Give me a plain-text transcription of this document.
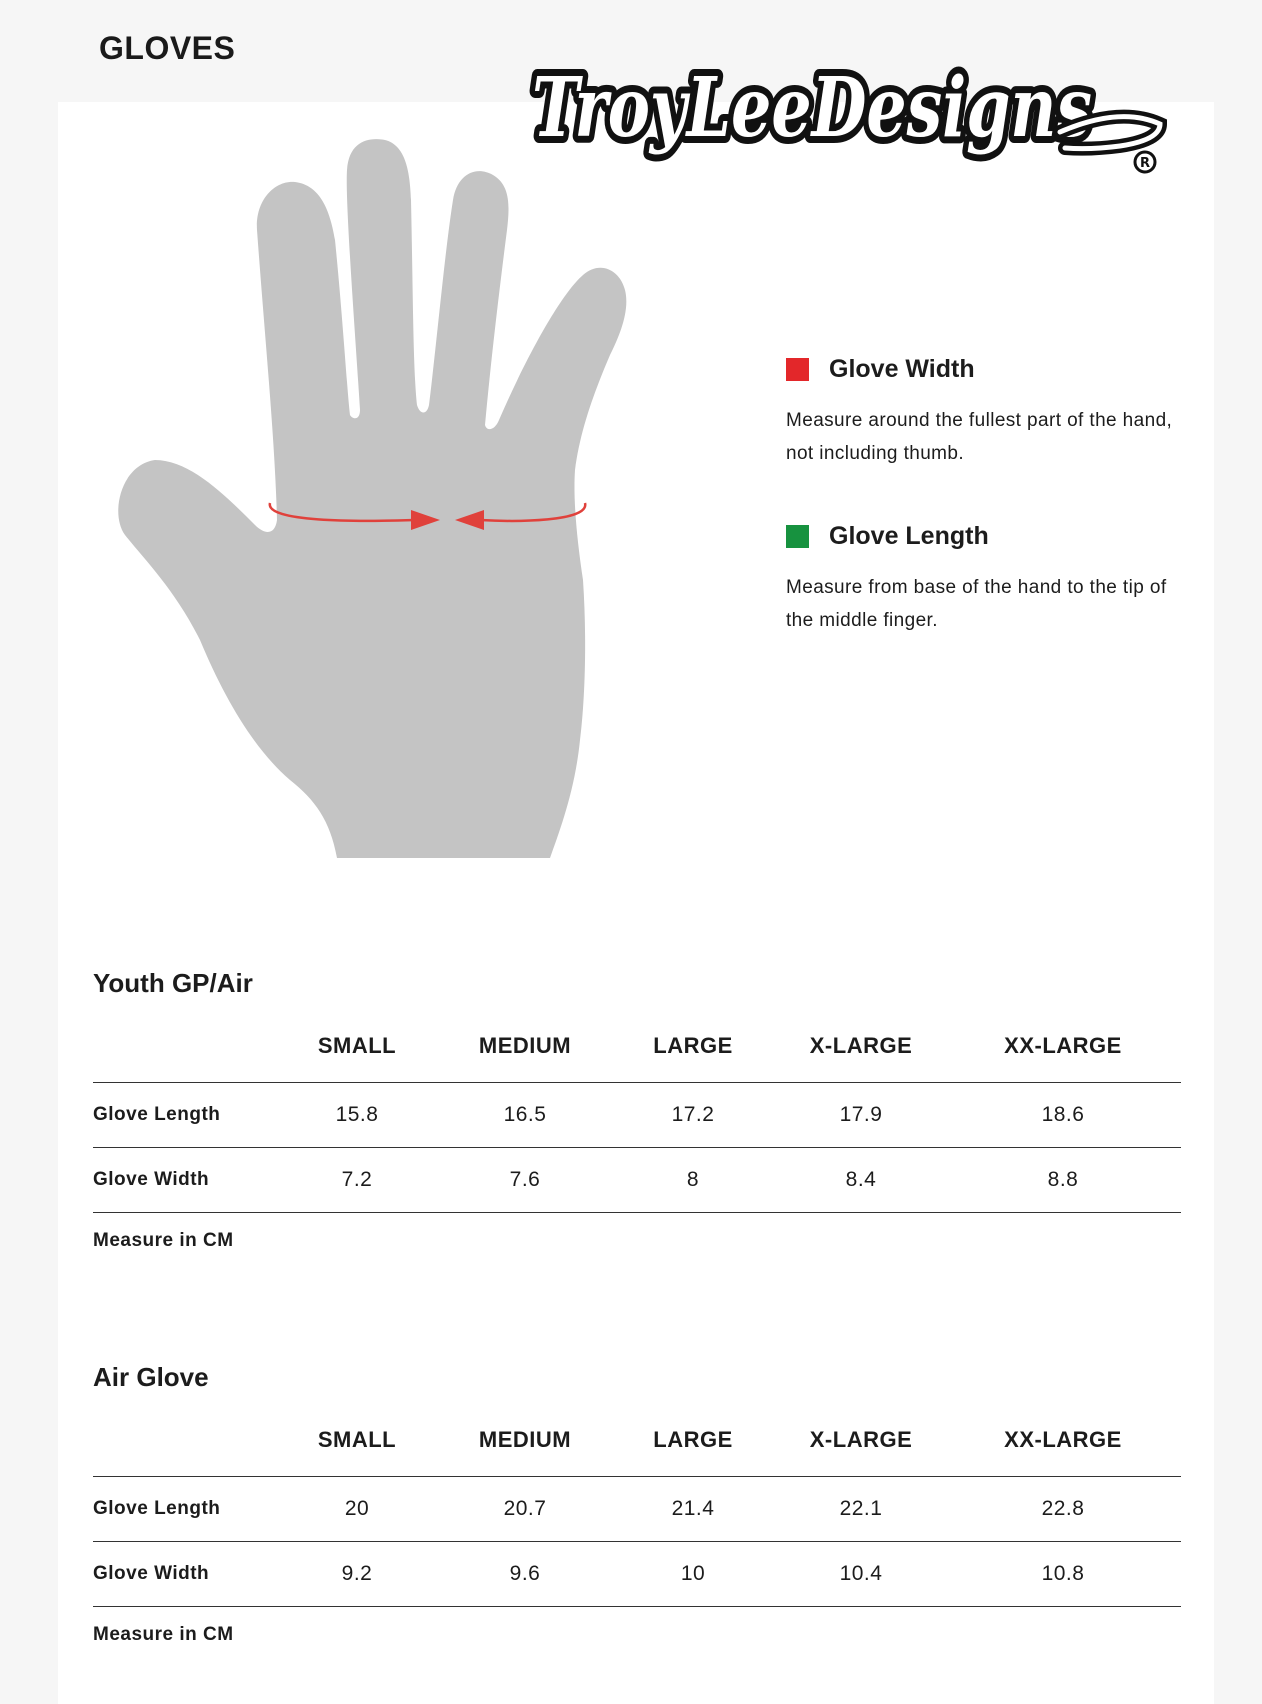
GLOVES
TroyLeeDesigns
R
Glove Width
Measure around the fullest part of the hand, not including thumb.
Glove Length
Measure from base of the hand to the tip of the middle finger.
Youth GP/Air
	SMALL	MEDIUM	LARGE	X-LARGE	XX-LARGE
Glove Length	15.8	16.5	17.2	17.9	18.6
Glove Width	7.2	7.6	8	8.4	8.8
Measure in CM
Air Glove
	SMALL	MEDIUM	LARGE	X-LARGE	XX-LARGE
Glove Length	20	20.7	21.4	22.1	22.8
Glove Width	9.2	9.6	10	10.4	10.8
Measure in CM
